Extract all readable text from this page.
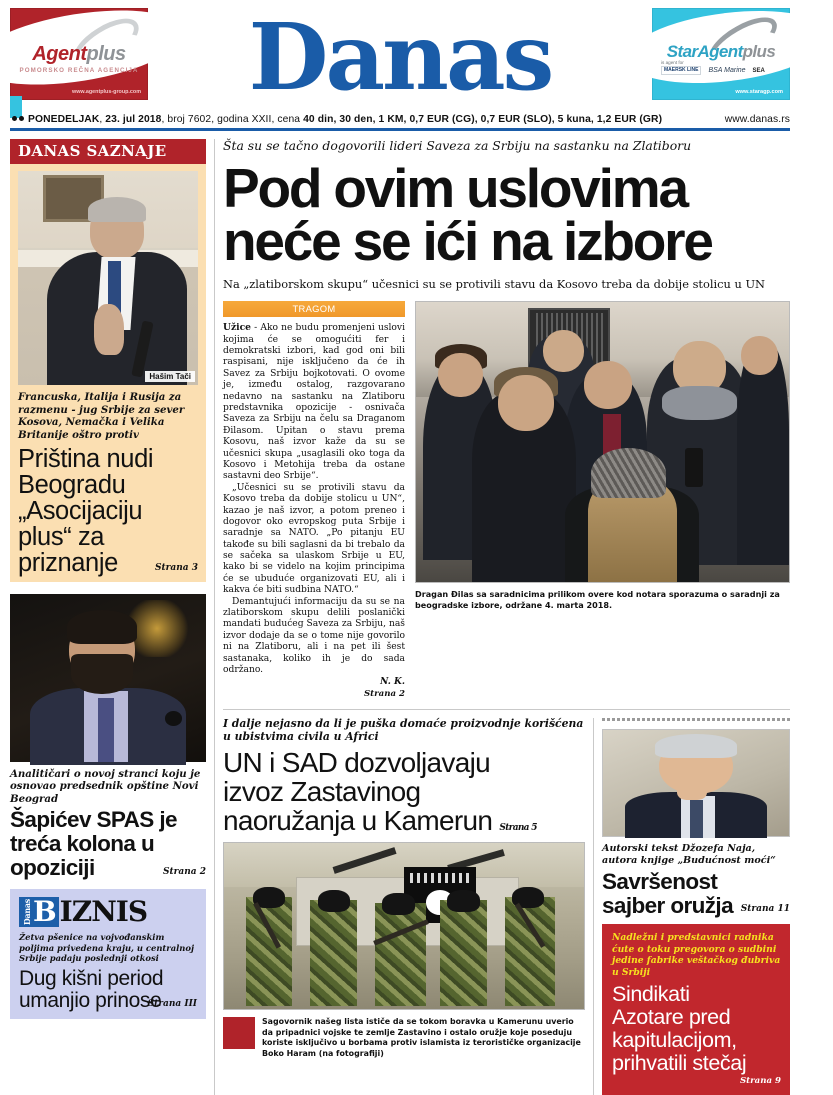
Agentplus
POMORSKO REČNA AGENCIJA
www.agentplus-group.com Danas	StarAgentplus
is agent for
MAERSK LINE	BSA Marine SEA
www.staragp.com
PONEDELJAK, 23. jul 2018, broj 7602, godina XXII, cena 40 din, 30 den, 1 KM, 0,7 EUR (CG), 0,7 EUR (SLO), 5 kuna, 1,2 EUR (GR)	www.danas.rs
DANAS SAZNAJE
Hašim Tači
Francuska, Italija i Rusija za razmenu - jug Srbije za sever Kosova, Nemačka i Velika Britanije oštro protiv
Priština nudi Beogradu „Asocijaciju plus“ za priznanje	Strana 3
Analitičari o novoj stranci koju je osnovao predsednik opštine Novi Beograd
Šapićev SPAS je treća kolona u opoziciji	Strana 2
Danas B IZNIS
Žetva pšenice na vojvođanskim poljima privedena kraju, u centralnoj Srbije padaju poslednji otkosi
Dug kišni period umanjio prinose
Strana III
Šta su se tačno dogovorili lideri Saveza za Srbiju na sastanku na Zlatiboru
Pod ovim uslovima
neće se ići na izbore
Na „zlatiborskom skupu“ učesnici su se protivili stavu da Kosovo treba da dobije stolicu u UN
TRAGOM

Užice - Ako ne budu promenjeni uslovi kojima će se omogućiti fer i demokratski izbori, kad god oni bili raspisani, nije isključeno da će ih Savez za Srbiju bojkotovati. O ovome je, između ostalog, razgovarano nedavno na sastanku na Zlatiboru predstavnika opozicije - osnivača Saveza za Srbiju na čelu sa Draganom Đilasom. Upitan o stavu prema Kosovu, naš izvor kaže da su se učesnici skupa „usaglasili oko toga da Kosovo i Metohija treba da ostane sastavni deo Srbije“.

„Učesnici su se protivili stavu da Kosovo treba da dobije stolicu u UN“, kazao je naš izvor, a potom preneo i dogovor oko evropskog puta Srbije i saradnje sa NATO. „Po pitanju EU takođe su bili saglasni da bi trebalo da se sačeka sa ulaskom Srbije u EU, kako bi se videlo na kojim principima će se ubuduće organizovati EU, ali i kakva će biti sudbina NATO.“

Demantujući informaciju da su se na zlatiborskom skupu delili poslanički mandati budućeg Saveza za Srbiju, naš izvor dodaje da se o tome nije govorilo ni na Zlatiboru, ali i na pet ili šest sastanaka, koliko ih je do sada održano.

N. K.
Strana 2
Dragan Đilas sa saradnicima prilikom overe kod notara sporazuma o saradnji za beogradske izbore, održane 4. marta 2018.
I dalje nejasno da li je puška domaće proizvodnje korišćena u ubistvima civila u Africi
UN i SAD dozvoljavaju
izvoz Zastavinog
naoružanja u Kamerun Strana 5
Sagovornik našeg lista ističe da se tokom boravka u Kamerunu uverio da pripadnici vojske te zemlje Zastavino i ostalo oružje koje poseduju koriste isključivo u borbama protiv islamista iz terorističke organizacije Boko Haram (na fotografiji)
Autorski tekst Džozefa Naja, autora knjige „Budućnost moći“
Savršenost
sajber oružja Strana 11
Nadležni i predstavnici radnika ćute o toku pregovora o sudbini jedine fabrike veštačkog đubriva u Srbiji
Sindikati
Azotare pred
kapitulacijom,
prihvatili stečaj
Strana 9
